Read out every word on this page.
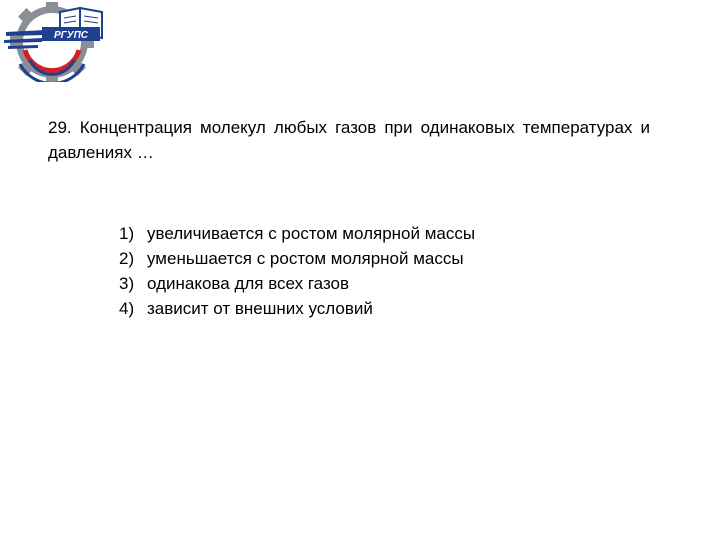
РГУПС

29. Концентрация молекул любых газов при одинаковых температурах и давлениях …

1) увеличивается с ростом молярной массы
2) уменьшается с ростом молярной массы
3) одинакова для всех газов
4) зависит от внешних условий
